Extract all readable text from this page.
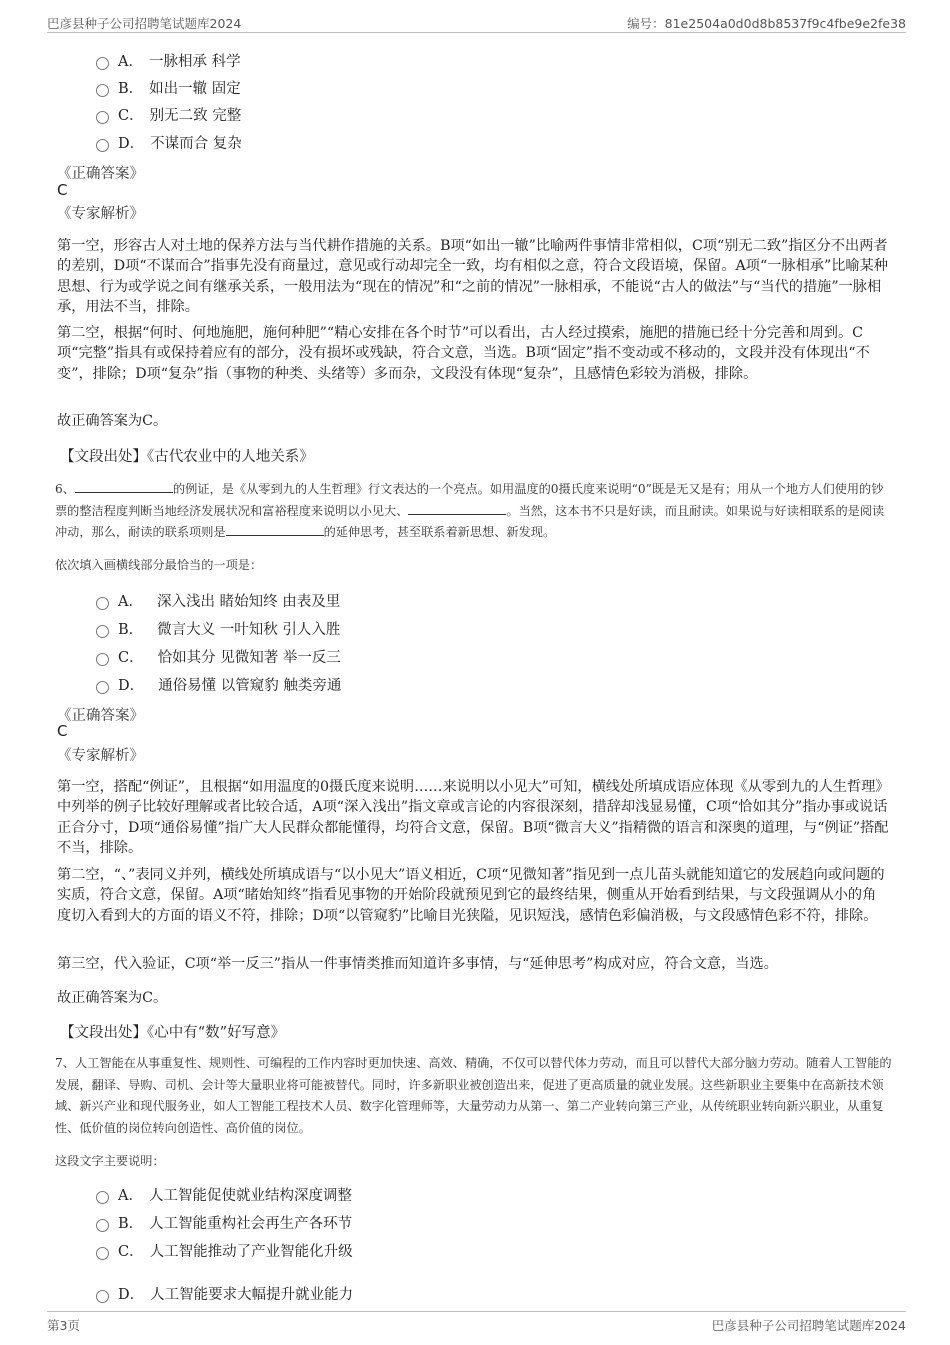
巴彦县种子公司招聘笔试题库2024	编号：81e2504a0d0d8b8537f9c4fbe9e2fe38
A． 一脉相承 科学
B． 如出一辙 固定
C． 别无二致 完整
D． 不谋而合 复杂
《正确答案》
C
《专家解析》

第一空，形容古人对土地的保养方法与当代耕作措施的关系。B项“如出一辙”比喻两件事情非常相似，C项“别无二致”指区分不出两者的差别，D项“不谋而合”指事先没有商量过，意见或行动却完全一致，均有相似之意，符合文段语境，保留。A项“一脉相承”比喻某种思想、行为或学说之间有继承关系，一般用法为“现在的情况”和“之前的情况”一脉相承，不能说“古人的做法”与“当代的措施”一脉相承，用法不当，排除。

第二空，根据“何时、何地施肥，施何种肥”“精心安排在各个时节”可以看出，古人经过摸索，施肥的措施已经十分完善和周到。C项“完整”指具有或保持着应有的部分，没有损坏或残缺，符合文意，当选。B项“固定”指不变动或不移动的，文段并没有体现出“不变”，排除；D项“复杂”指（事物的种类、头绪等）多而杂，文段没有体现“复杂”，且感情色彩较为消极，排除。

故正确答案为C。

【文段出处】《古代农业中的人地关系》

6、	的例证，是《从零到九的人生哲理》行文表达的一个亮点。如用温度的0摄氏度来说明“0”既是无又是有；用从一个地方人们使用的钞票的整洁程度判断当地经济发展状况和富裕程度来说明以小见大、	。当然，这本书不只是好读，而且耐读。如果说与好读相联系的是阅读冲动，那么，耐读的联系项则是	的延伸思考，甚至联系着新思想、新发现。

依次填入画横线部分最恰当的一项是：
A． 深入浅出 睹始知终 由表及里
B． 微言大义 一叶知秋 引人入胜
C． 恰如其分 见微知著 举一反三
D． 通俗易懂 以管窥豹 触类旁通
《正确答案》
C
《专家解析》

第一空，搭配“例证”，且根据“如用温度的0摄氏度来说明……来说明以小见大”可知，横线处所填成语应体现《从零到九的人生哲理》中列举的例子比较好理解或者比较合适，A项“深入浅出”指文章或言论的内容很深刻，措辞却浅显易懂，C项“恰如其分”指办事或说话正合分寸，D项“通俗易懂”指广大人民群众都能懂得，均符合文意，保留。B项“微言大义”指精微的语言和深奥的道理，与“例证”搭配不当，排除。

第二空，“、”表同义并列，横线处所填成语与“以小见大”语义相近，C项“见微知著”指见到一点儿苗头就能知道它的发展趋向或问题的实质，符合文意，保留。A项“睹始知终”指看见事物的开始阶段就预见到它的最终结果，侧重从开始看到结果，与文段强调从小的角度切入看到大的方面的语义不符，排除；D项“以管窥豹”比喻目光狭隘，见识短浅，感情色彩偏消极，与文段感情色彩不符，排除。

第三空，代入验证，C项“举一反三”指从一件事情类推而知道许多事情，与“延伸思考”构成对应，符合文意，当选。

故正确答案为C。

【文段出处】《心中有“数”好写意》

7、人工智能在从事重复性、规则性、可编程的工作内容时更加快速、高效、精确，不仅可以替代体力劳动，而且可以替代大部分脑力劳动。随着人工智能的发展，翻译、导购、司机、会计等大量职业将可能被替代。同时，许多新职业被创造出来，促进了更高质量的就业发展。这些新职业主要集中在高新技术领域、新兴产业和现代服务业，如人工智能工程技术人员、数字化管理师等，大量劳动力从第一、第二产业转向第三产业，从传统职业转向新兴职业，从重复性、低价值的岗位转向创造性、高价值的岗位。

这段文字主要说明：
A． 人工智能促使就业结构深度调整
B． 人工智能重构社会再生产各环节
C． 人工智能推动了产业智能化升级
D． 人工智能要求大幅提升就业能力
第3页	巴彦县种子公司招聘笔试题库2024
